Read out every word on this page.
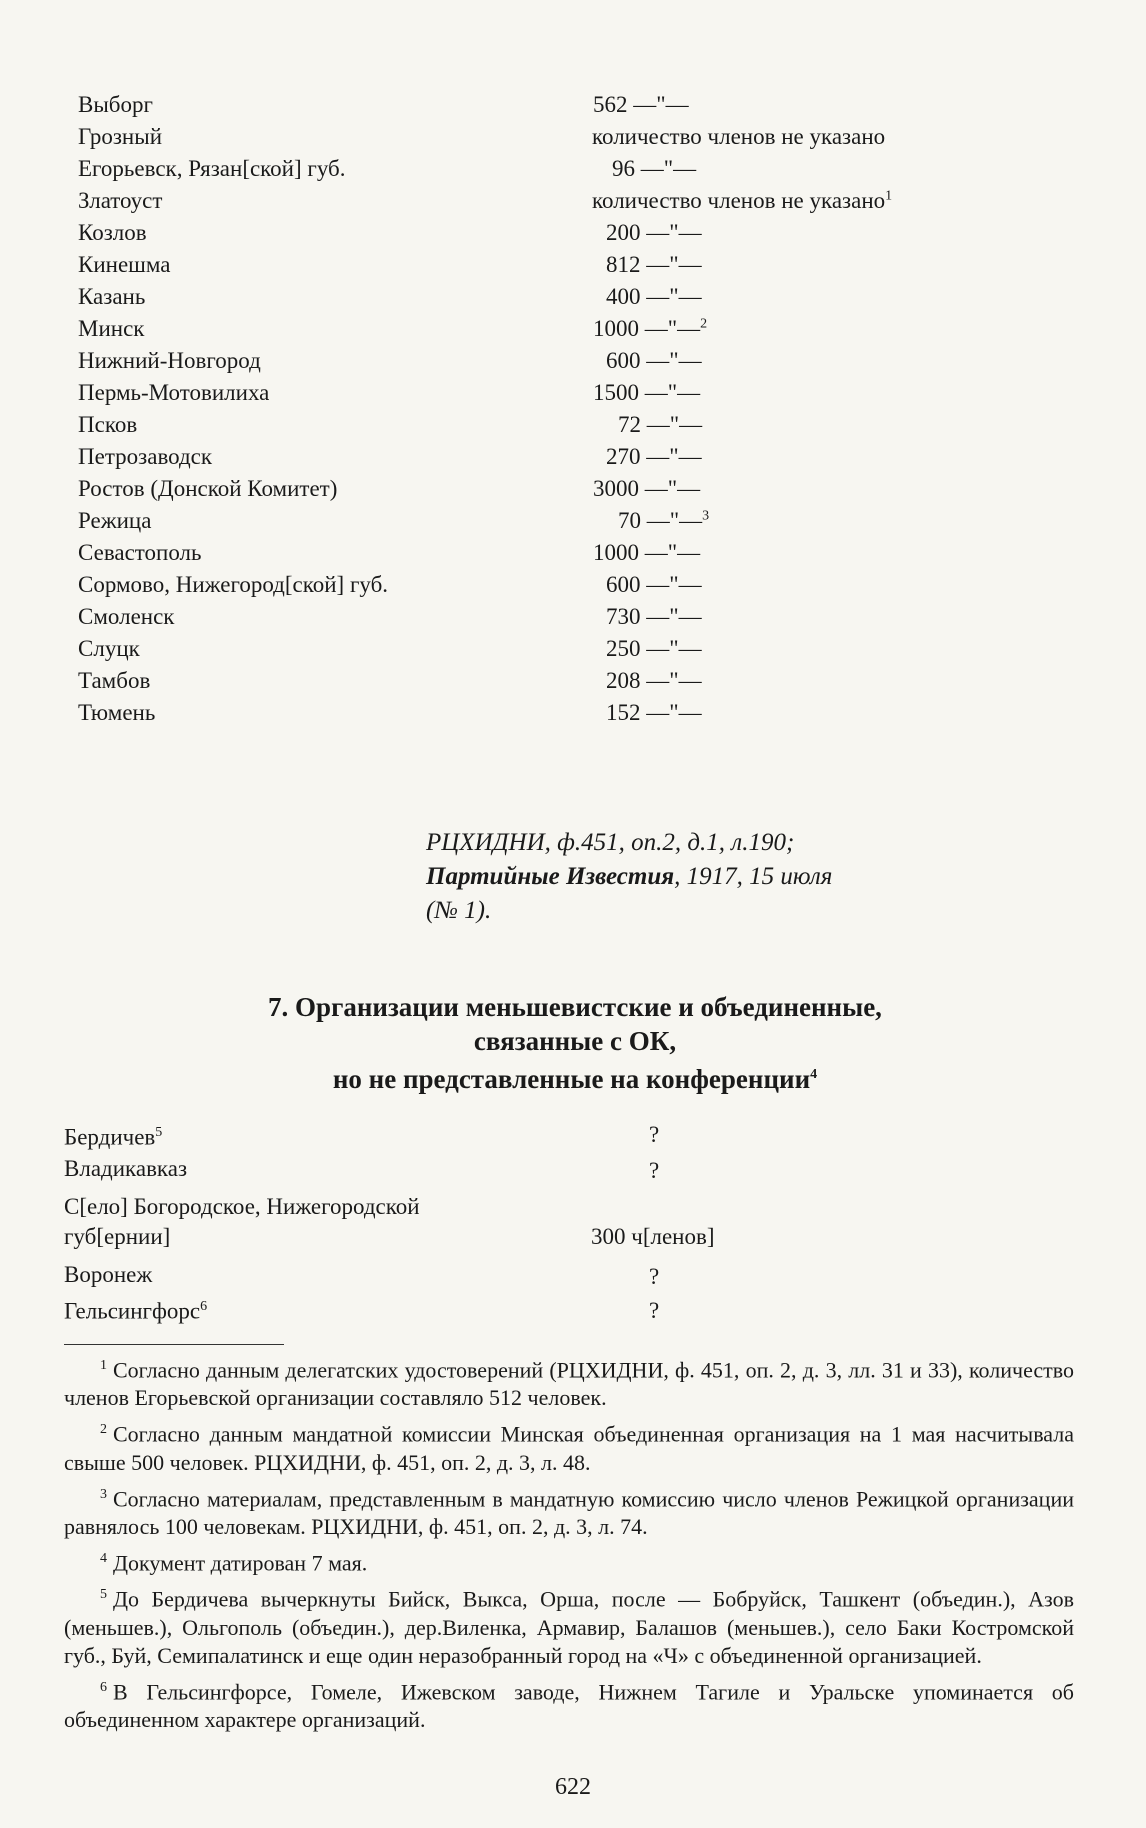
Выборг	562 —"—
Грозный	количество членов не указано
Егорьевск, Рязан[ской] губ.	96 —"—
Златоуст	количество членов не указано$^1$
Козлов	200 —"—
Кинешма	812 —"—
Казань	400 —"—
Минск	1000 —"—$^2$
Нижний-Новгород	600 —"—
Пермь-Мотовилиха	1500 —"—
Псков	72 —"—
Петрозаводск	270 —"—
Ростов (Донской Комитет)	3000 —"—
Режица	70 —"—$^3$
Севастополь	1000 —"—
Сормово, Нижегород[ской] губ.	600 —"—
Смоленск	730 —"—
Слуцк	250 —"—
Тамбов	208 —"—
Тюмень	152 —"—
РЦХИДНИ, ф.451, оп.2, д.1, л.190;
Партийные Известия, 1917, 15 июля
(№ 1).
7. Организации меньшевистские и объединенные,
связанные с ОК,
но не представленные на конференции$^4$
Бердичев$^5$	?
Владикавказ	?
С[ело] Богородское, Нижегородской губ[ернии]	300 ч[ленов]
Воронеж	?
Гельсингфорс$^6$	?

$^1$ Согласно данным делегатских удостоверений (РЦХИДНИ, ф. 451, оп. 2, д. 3, лл. 31 и 33), количество членов Егорьевской организации составляло 512 человек.

$^2$ Согласно данным мандатной комиссии Минская объединенная организация на 1 мая насчитывала свыше 500 человек. РЦХИДНИ, ф. 451, оп. 2, д. 3, л. 48.

$^3$ Согласно материалам, представленным в мандатную комиссию число членов Режицкой организации равнялось 100 человекам. РЦХИДНИ, ф. 451, оп. 2, д. 3, л. 74.

$^4$ Документ датирован 7 мая.

$^5$ До Бердичева вычеркнуты Бийск, Выкса, Орша, после — Бобруйск, Ташкент (объедин.), Азов (меньшев.), Ольгополь (объедин.), дер.Виленка, Армавир, Балашов (меньшев.), село Баки Костромской губ., Буй, Семипалатинск и еще один неразобранный город на «Ч» с объединенной организацией.

$^6$ В Гельсингфорсе, Гомеле, Ижевском заводе, Нижнем Тагиле и Уральске упоминается об объединенном характере организаций.

622
